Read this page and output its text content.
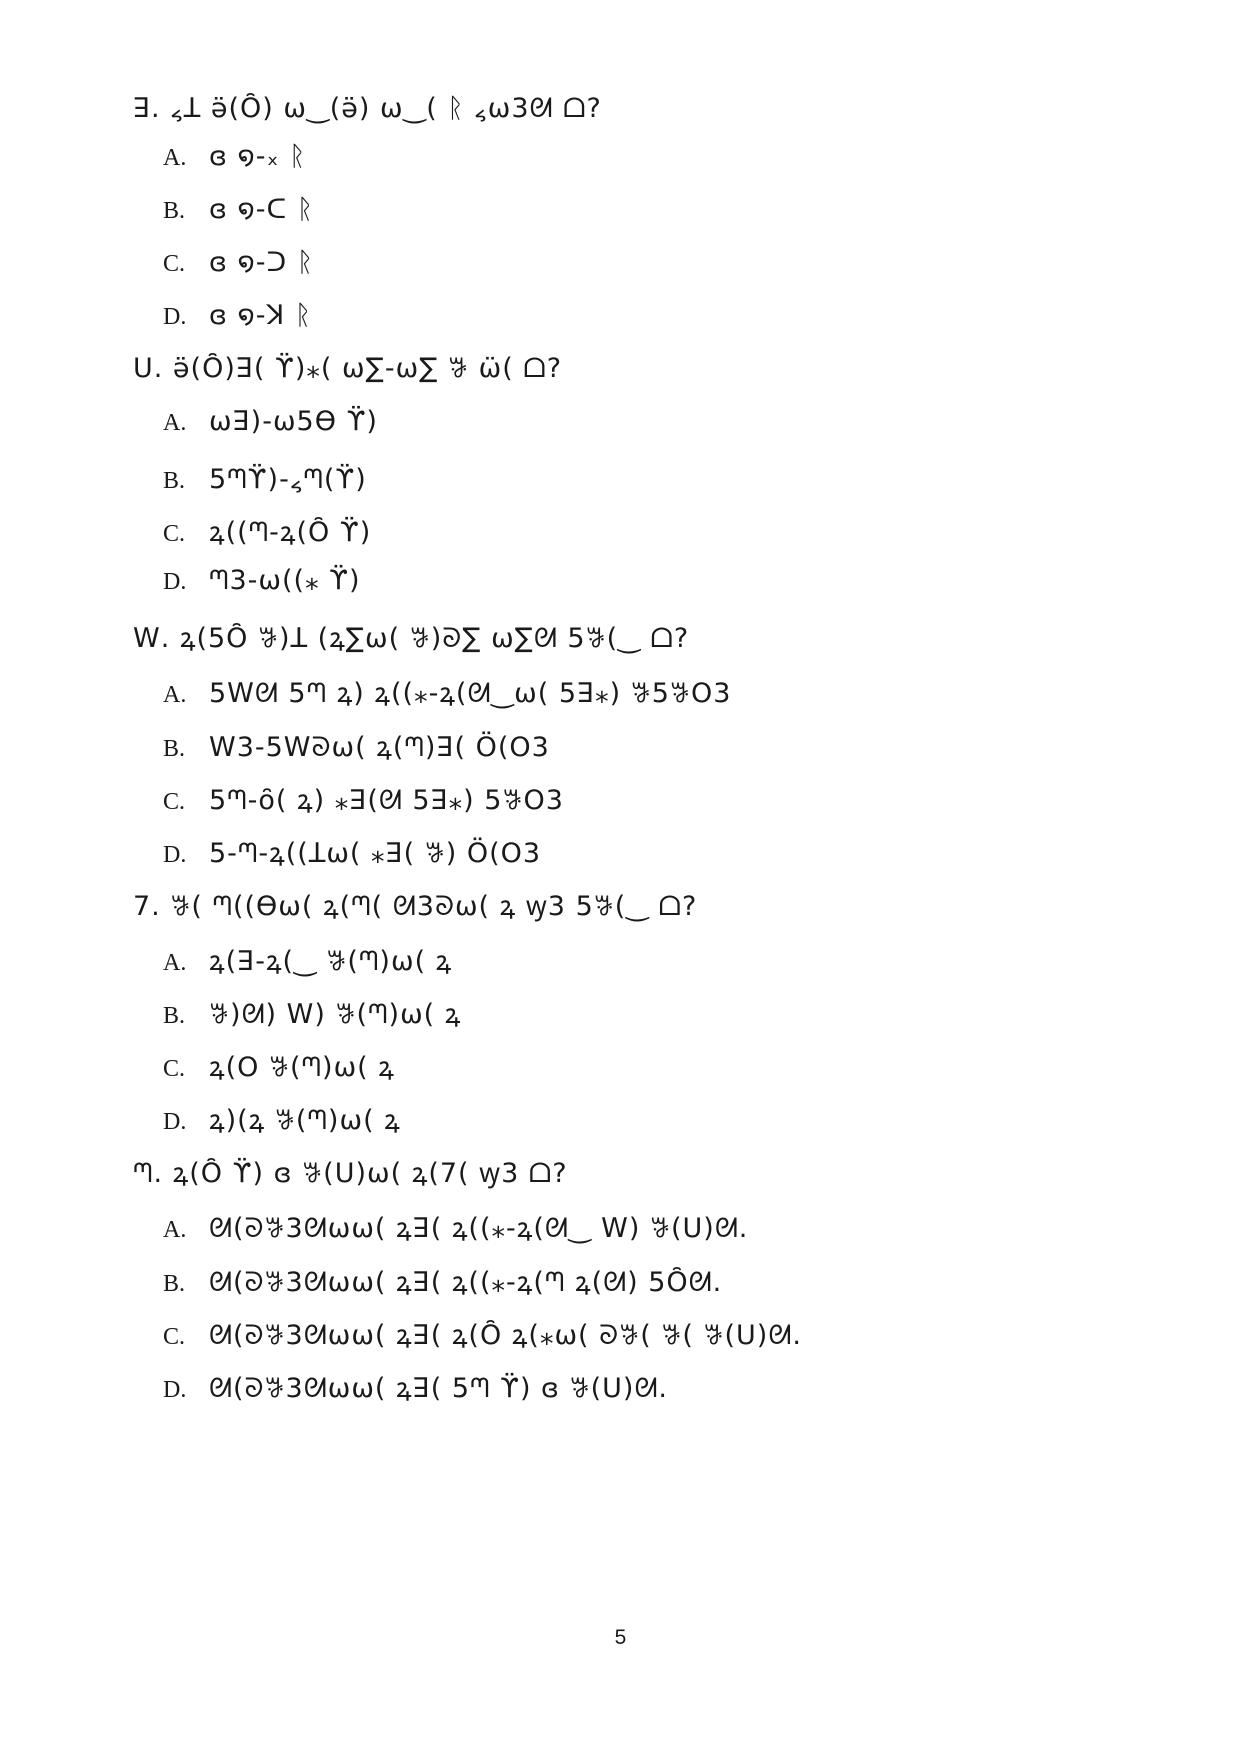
ꓱ. ៹ꓕ ӛ(Ȏ) ѡ‿(ӛ) ѡ‿( ᚱ ៹ѡ3ᘛ ᗝ?
A. ɞ ໑-᙮ ᚱ
B. ɞ ໑-ᑕ ᚱ
C. ɞ ໑-ᑐ ᚱ
D. ɞ ໑-ꓘ ᚱ
Ս. ӛ(Ȏ)ꓱ( ϔ)⁎( ѡ∑-ѡ∑ ꗎ ѡ̈( ᗝ?
A. ѡꓱ)-ѡ5Ѳ ϔ)
B. 5ᘉϔ)-៹ᘉ(ϔ)
C. ꝝ((ᘉ-ꝝ(Ȏ ϔ)
D. ᘉ3-ѡ((⁎ ϔ)
ꓪ. ꝝ(5Ȏ ꗎ)ꓕ (ꝝ∑ѡ( ꗎ)ᘐ∑ ѡ∑ᘛ 5ꗎ(‿ ᗝ?
A. 5ꓪᘛ 5ᘉ ꝝ) ꝝ((⁎-ꝝ(ᘛ‿ѡ( 5ꓱ⁎) ꗎ5ꗎO3
B. ꓪ3-5ꓪᘐѡ( ꝝ(ᘉ)ꓱ( Ö(O3
C. 5ᘉ-ȏ( ꝝ) ⁎ꓱ(ᘛ 5ꓱ⁎) 5ꗎO3
D. 5-ᘉ-ꝝ((ꓕѡ( ⁎ꓱ( ꗎ) Ö(O3
7. ꗎ( ᘉ((Ѳѡ( ꝝ(ᘉ( ᘛ3ᘐѡ( ꝝ ꝡ3 5ꗎ(‿ ᗝ?
A. ꝝ(ꓱ-ꝝ(‿ ꗎ(ᘉ)ѡ( ꝝ
B. ꗎ)ᘛ) ꓪ) ꗎ(ᘉ)ѡ( ꝝ
C. ꝝ(O ꗎ(ᘉ)ѡ( ꝝ
D. ꝝ)(ꝝ ꗎ(ᘉ)ѡ( ꝝ
ᘉ. ꝝ(Ȏ ϔ) ɞ ꗎ(Ս)ѡ( ꝝ(7( ꝡ3 ᗝ?
A. ᘛ(ᘐꗎ3ᘛѡѡ( ꝝꓱ( ꝝ((⁎-ꝝ(ᘛ‿ ꓪ) ꗎ(Ս)ᘛ.
B. ᘛ(ᘐꗎ3ᘛѡѡ( ꝝꓱ( ꝝ((⁎-ꝝ(ᘉ ꝝ(ᘛ) 5Ȏᘛ.
C. ᘛ(ᘐꗎ3ᘛѡѡ( ꝝꓱ( ꝝ(Ȏ ꝝ(⁎ѡ( ᘐꗎ( ꗎ( ꗎ(Ս)ᘛ.
D. ᘛ(ᘐꗎ3ᘛѡѡ( ꝝꓱ( 5ᘉ ϔ) ɞ ꗎ(Ս)ᘛ.
5
